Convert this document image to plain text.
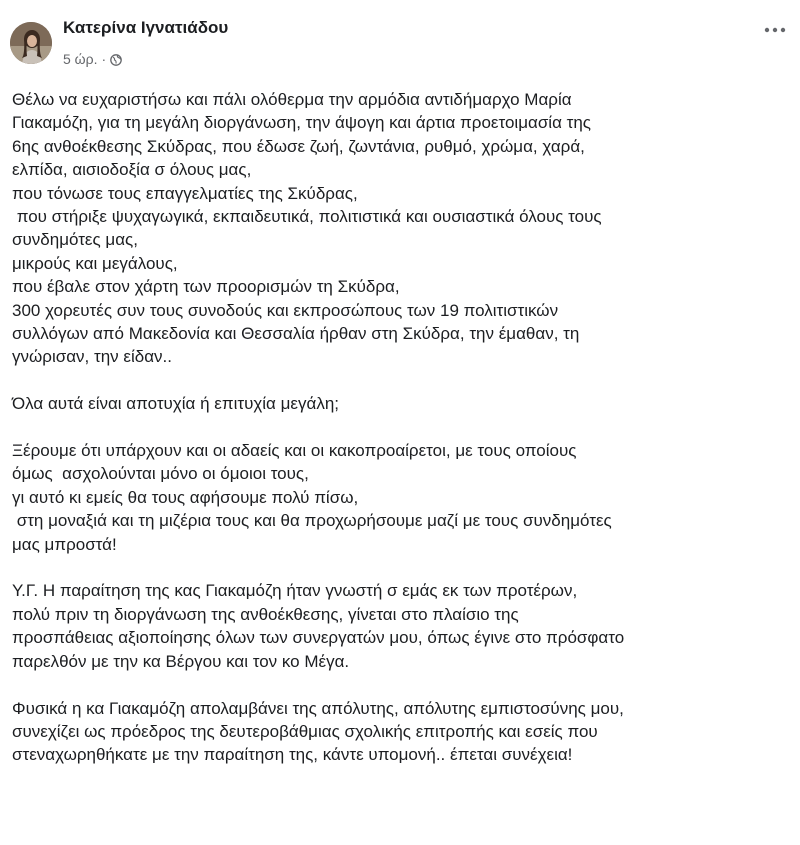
Κατερίνα Ιγνατιάδου
5 ώρ. ·

Θέλω να ευχαριστήσω και πάλι ολόθερμα την αρμόδια αντιδήμαρχο Μαρία
Γιακαμόζη, για τη μεγάλη διοργάνωση, την άψογη και άρτια προετοιμασία της
6ης ανθοέκθεσης Σκύδρας, που έδωσε ζωή, ζωντάνια, ρυθμό, χρώμα, χαρά,
ελπίδα, αισιοδοξία σ όλους μας,
που τόνωσε τους επαγγελματίες της Σκύδρας,
που στήριξε ψυχαγωγικά, εκπαιδευτικά, πολιτιστικά και ουσιαστικά όλους τους
συνδημότες μας,
μικρούς και μεγάλους,
που έβαλε στον χάρτη των προορισμών τη Σκύδρα,
300 χορευτές συν τους συνοδούς και εκπροσώπους των 19 πολιτιστικών
συλλόγων από Μακεδονία και Θεσσαλία ήρθαν στη Σκύδρα, την έμαθαν, τη
γνώρισαν, την είδαν..

Όλα αυτά είναι αποτυχία ή επιτυχία μεγάλη;

Ξέρουμε ότι υπάρχουν και οι αδαείς και οι κακοπροαίρετοι, με τους οποίους
όμως  ασχολούνται μόνο οι όμοιοι τους,
γι αυτό κι εμείς θα τους αφήσουμε πολύ πίσω,
στη μοναξιά και τη μιζέρια τους και θα προχωρήσουμε μαζί με τους συνδημότες
μας μπροστά!

Υ.Γ. Η παραίτηση της κας Γιακαμόζη ήταν γνωστή σ εμάς εκ των προτέρων,
πολύ πριν τη διοργάνωση της ανθοέκθεσης, γίνεται στο πλαίσιο της
προσπάθειας αξιοποίησης όλων των συνεργατών μου, όπως έγινε στο πρόσφατο
παρελθόν με την κα Βέργου και τον κο Μέγα.

Φυσικά η κα Γιακαμόζη απολαμβάνει της απόλυτης, απόλυτης εμπιστοσύνης μου,
συνεχίζει ως πρόεδρος της δευτεροβάθμιας σχολικής επιτροπής και εσείς που
στεναχωρηθήκατε με την παραίτηση της, κάντε υπομονή.. έπεται συνέχεια!
